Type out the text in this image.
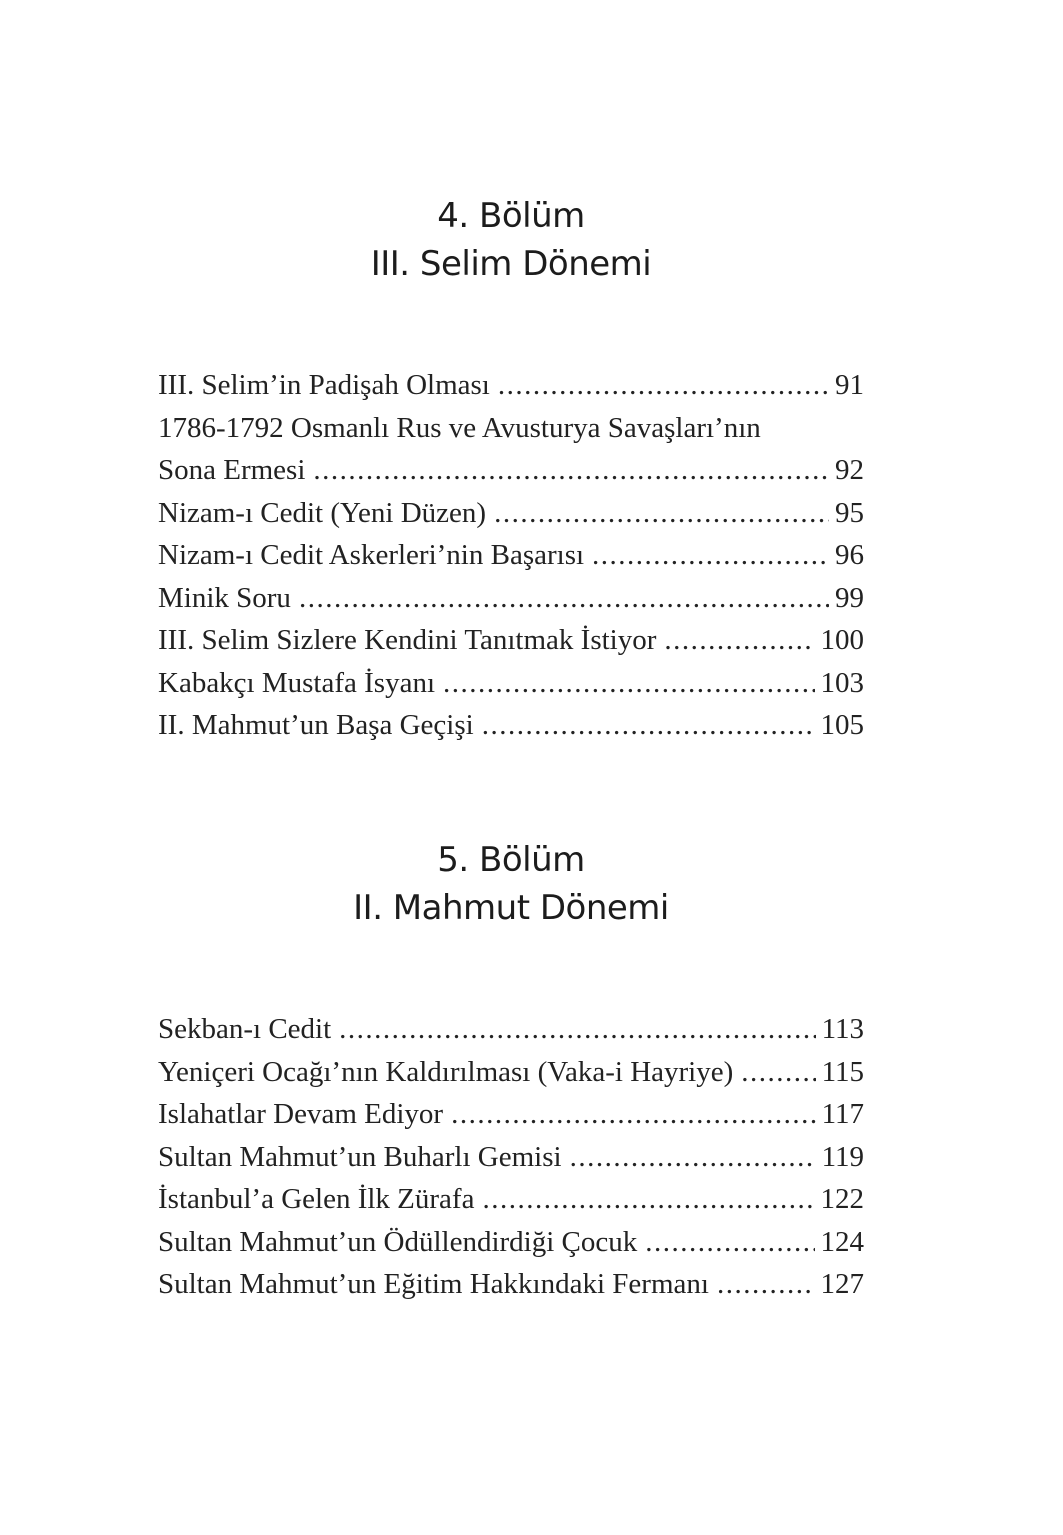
4. Bölüm
III. Selim Dönemi
III. Selim’in Padişah Olması .....	91
1786-1792 Osmanlı Rus ve Avusturya Savaşları’nın
Sona Ermesi .....	92
Nizam-ı Cedit (Yeni Düzen) .....	95
Nizam-ı Cedit Askerleri’nin Başarısı .....	96
Minik Soru .....	99
III. Selim Sizlere Kendini Tanıtmak İstiyor .....	100
Kabakçı Mustafa İsyanı .....	103
II. Mahmut’un Başa Geçişi .....	105
5. Bölüm
II. Mahmut Dönemi
Sekban-ı Cedit .....	113
Yeniçeri Ocağı’nın Kaldırılması (Vaka-i Hayriye) .....	115
Islahatlar Devam Ediyor .....	117
Sultan Mahmut’un Buharlı Gemisi .....	119
İstanbul’a Gelen İlk Zürafa .....	122
Sultan Mahmut’un Ödüllendirdiği Çocuk .....	124
Sultan Mahmut’un Eğitim Hakkındaki Fermanı .....	127
